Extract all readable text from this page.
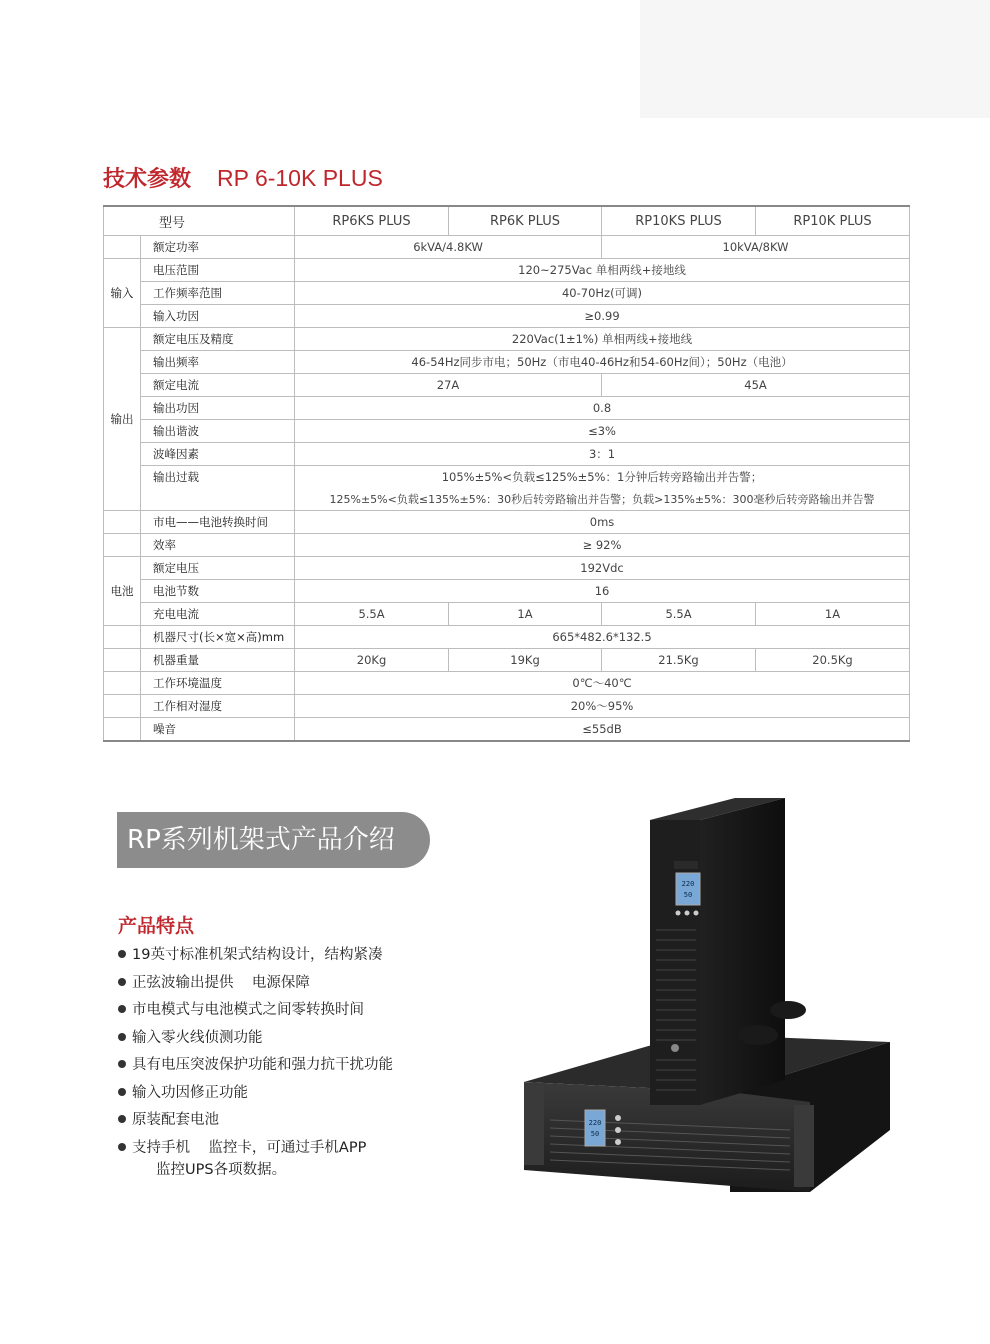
技术参数 RP 6-10K PLUS
型号		RP6KS PLUS	RP6K PLUS	RP10KS PLUS	RP10K PLUS
	额定功率	6kVA/4.8KW		10kVA/8KW	
输入	电压范围	120~275Vac 单相两线+接地线			
	工作频率范围	40-70Hz(可调)			
	输入功因	≥0.99			
输出	额定电压及精度	220Vac(1±1%) 单相两线+接地线			
	输出频率	46-54Hz同步市电；50Hz（市电40-46Hz和54-60Hz间）；50Hz（电池）			
	额定电流	27A		45A	
	输出功因	0.8			
	输出谐波	≤3%			
	波峰因素	3：1			
	输出过载	105%±5%<负载≤125%±5%：1分钟后转旁路输出并告警；			
		125%±5%<负载≤135%±5%：30秒后转旁路输出并告警；负载>135%±5%：300毫秒后转旁路输出并告警			
	市电——电池转换时间	0ms			
	效率	≥ 92%			
电池	额定电压	192Vdc			
	电池节数	16			
	充电电流	5.5A	1A	5.5A	1A
	机器尺寸(长×宽×高)mm	665*482.6*132.5			
	机器重量	20Kg	19Kg	21.5Kg	20.5Kg
	工作环境温度	0℃～40℃			
	工作相对湿度	20%～95%			
	噪音	≤55dB			
RP系列机架式产品介绍
产品特点
19英寸标准机架式结构设计，结构紧凑
正弦波输出提供    电源保障
市电模式与电池模式之间零转换时间
输入零火线侦测功能
具有电压突波保护功能和强力抗干扰功能
输入功因修正功能
原装配套电池
支持手机    监控卡，可通过手机APP
监控UPS各项数据。
220
50
220
50
